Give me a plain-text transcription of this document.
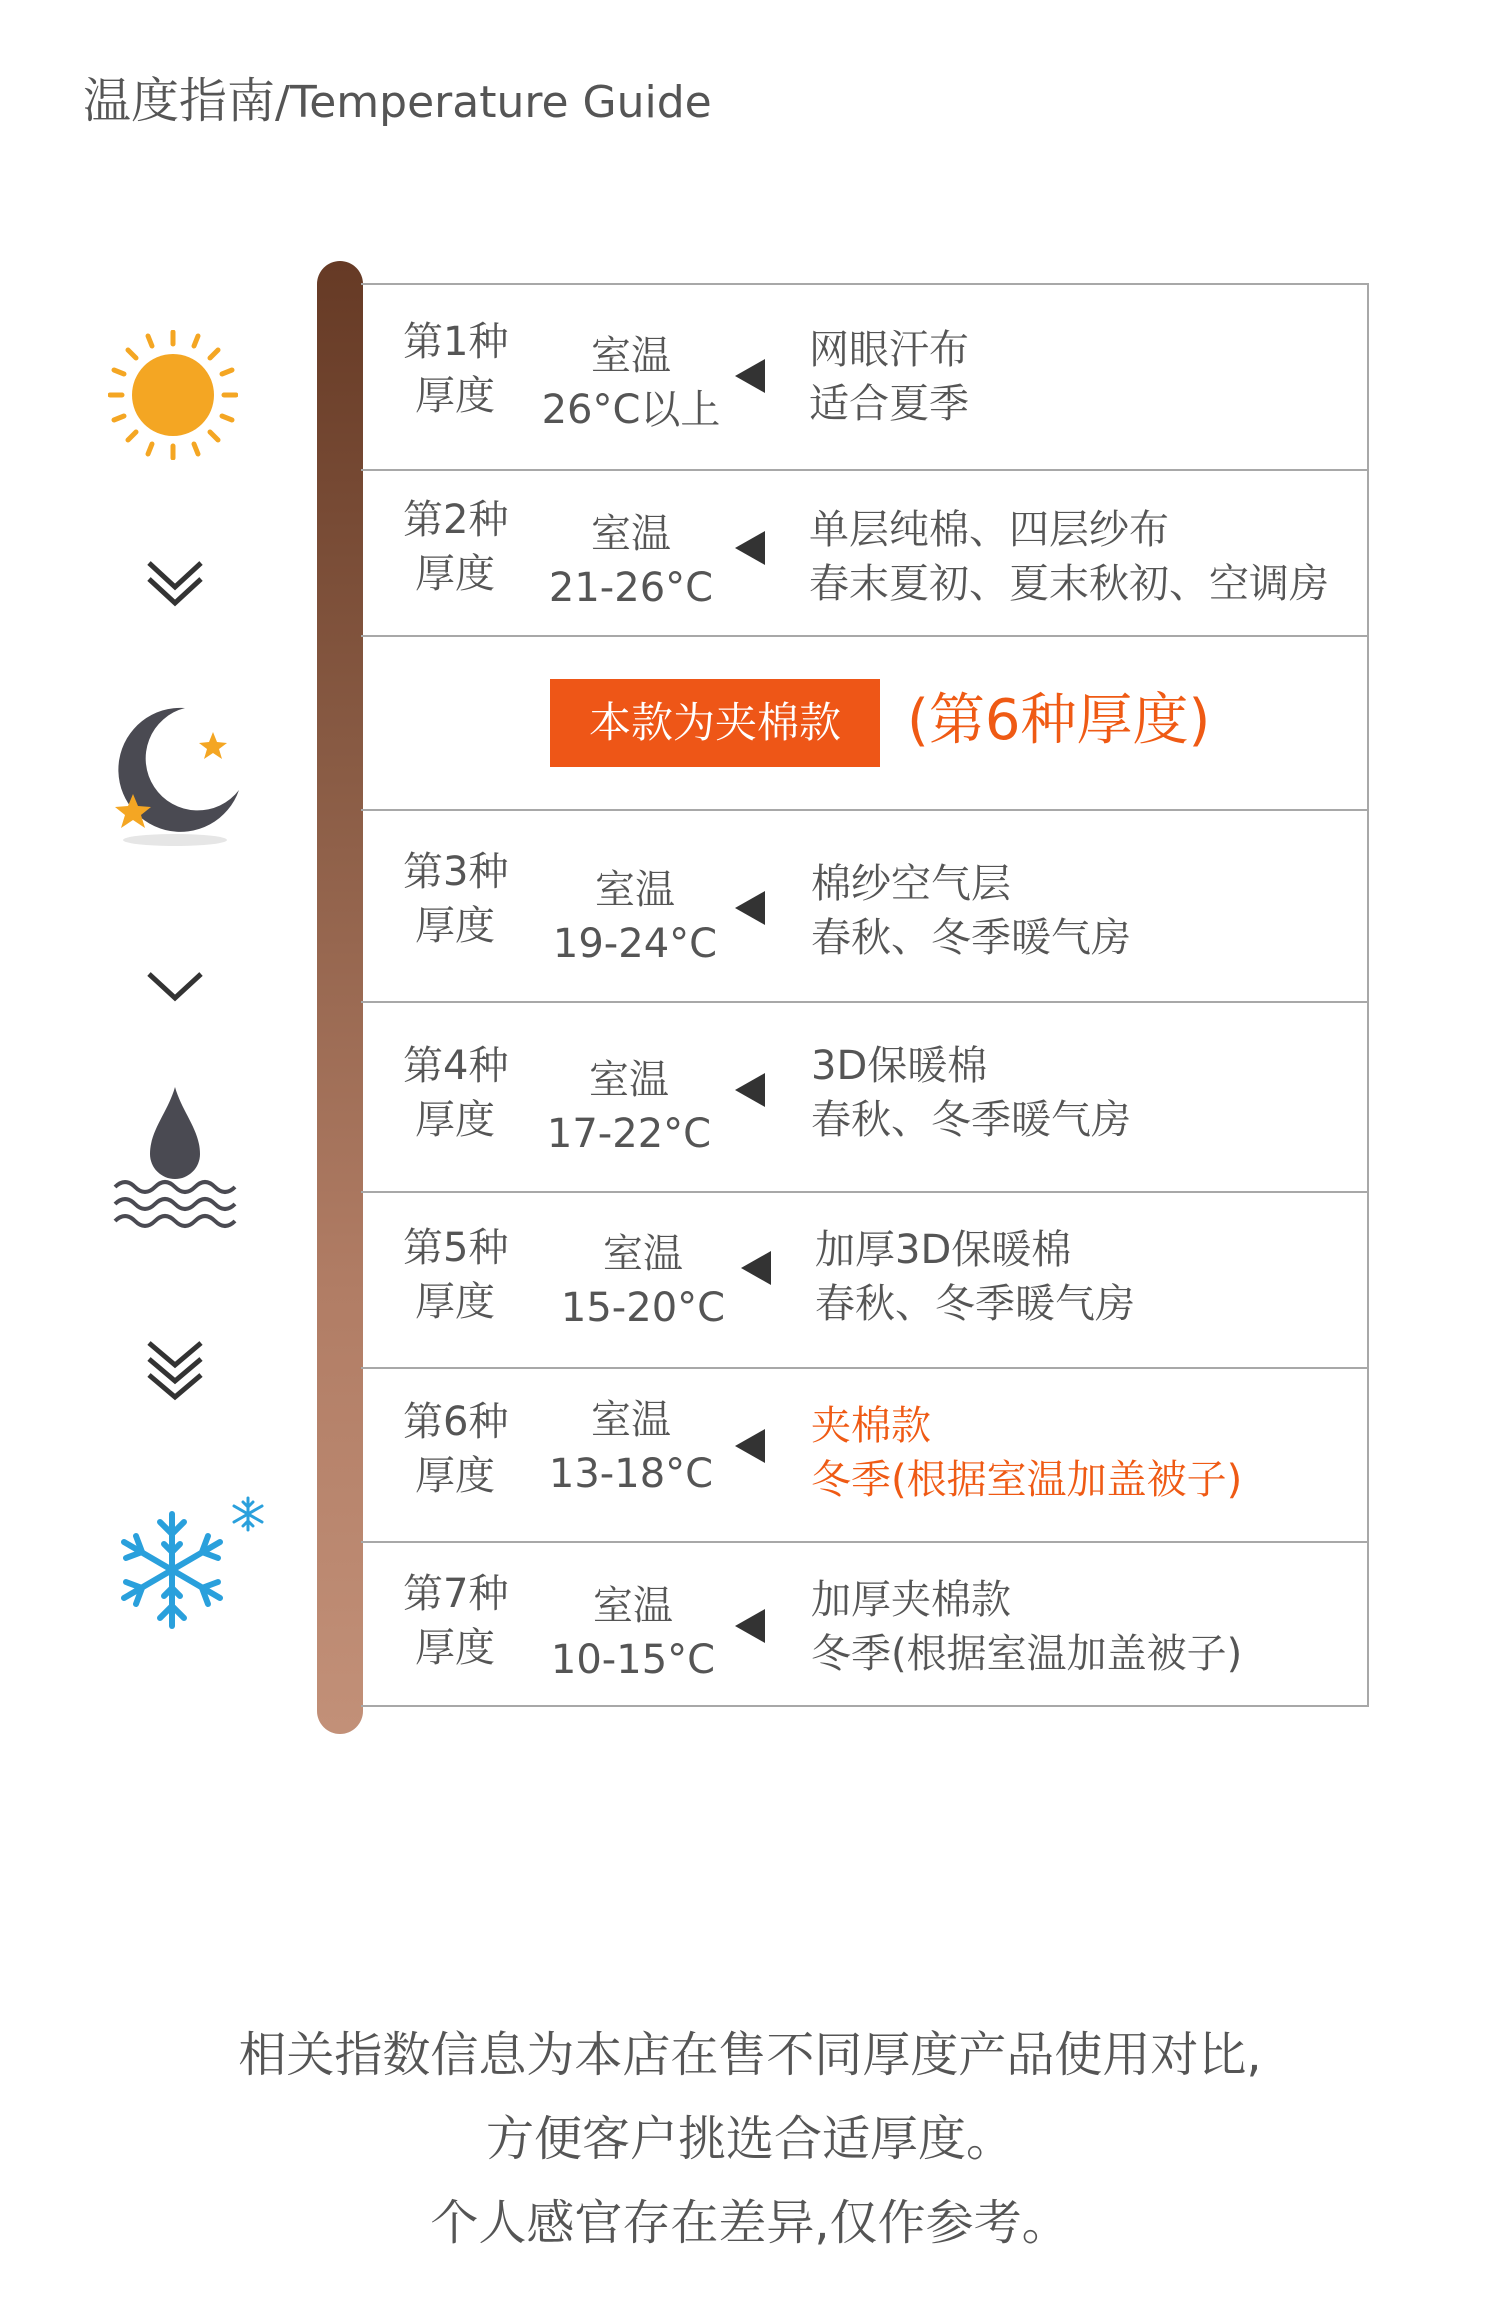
温度指南/Temperature Guide
第1种
厚度
室温
26°C以上
网眼汗布
适合夏季
第2种
厚度
室温
21-26°C
单层纯棉、四层纱布
春末夏初、夏末秋初、空调房
本款为夹棉款	(第6种厚度)
第3种
厚度
室温
19-24°C
棉纱空气层
春秋、冬季暖气房
第4种
厚度
室温
17-22°C
3D保暖棉
春秋、冬季暖气房
第5种
厚度
室温
15-20°C
加厚3D保暖棉
春秋、冬季暖气房
第6种
厚度
室温
13-18°C
夹棉款
冬季(根据室温加盖被子)
第7种
厚度
室温
10-15°C
加厚夹棉款
冬季(根据室温加盖被子)
相关指数信息为本店在售不同厚度产品使用对比,
方便客户挑选合适厚度。
个人感官存在差异,仅作参考。
